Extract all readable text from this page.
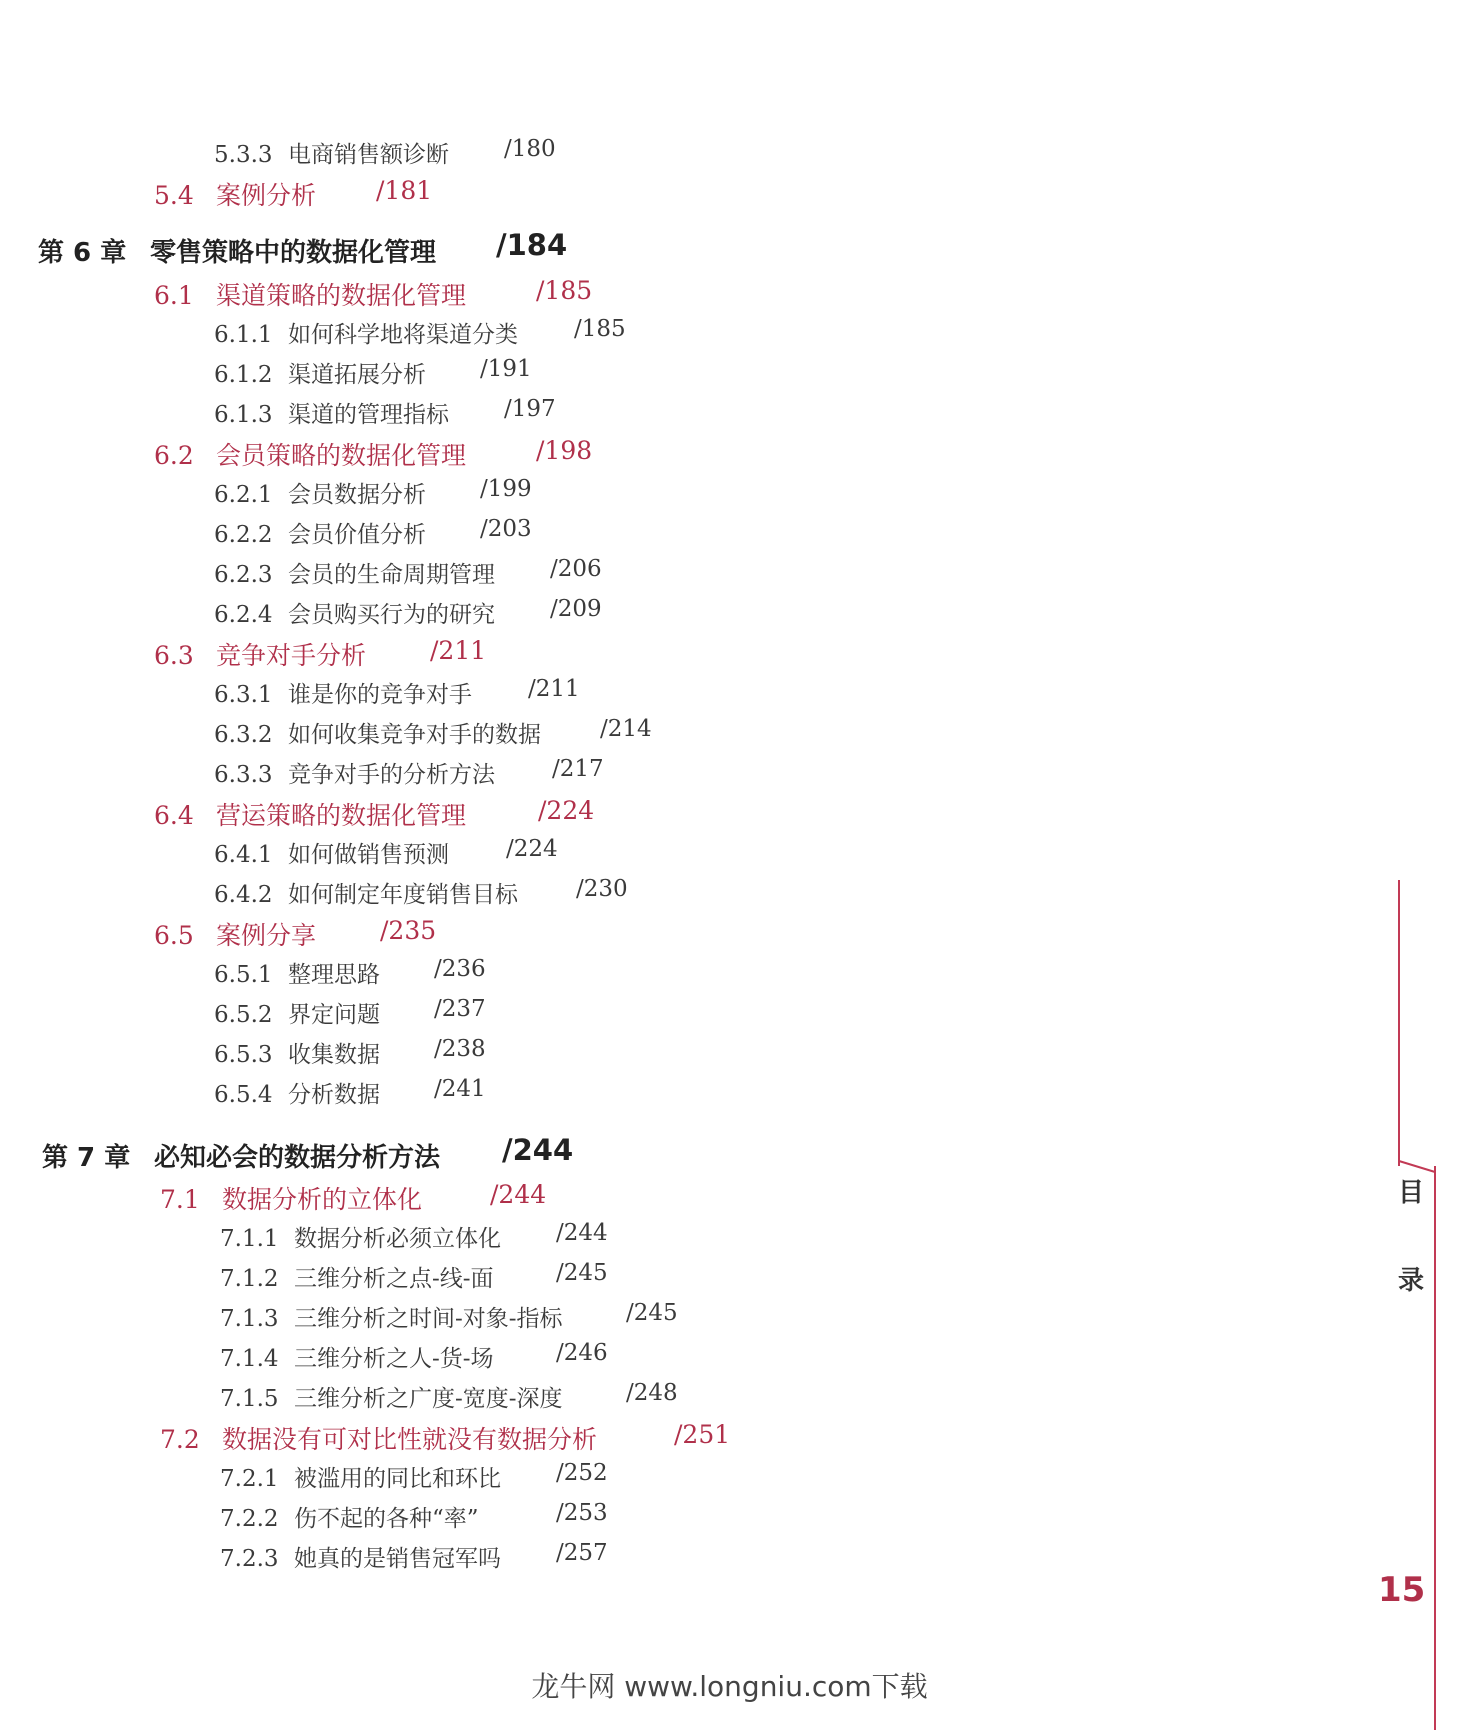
5.3.3 电商销售额诊断 /180
5.4 案例分析 /181
第 6 章 零售策略中的数据化管理 /184
6.1 渠道策略的数据化管理	/185
6.1.1 如何科学地将渠道分类 /185
6.1.2 渠道拓展分析 /191
6.1.3 渠道的管理指标 /197
6.2 会员策略的数据化管理	/198
6.2.1 会员数据分析 /199
6.2.2 会员价值分析 /203
6.2.3 会员的生命周期管理 /206
6.2.4 会员购买行为的研究 /209
6.3 竞争对手分析	/211
6.3.1 谁是你的竞争对手 /211
6.3.2 如何收集竞争对手的数据	/214
6.3.3 竞争对手的分析方法 /217
6.4 营运策略的数据化管理	/224
6.4.1 如何做销售预测 /224
6.4.2 如何制定年度销售目标	/230
6.5 案例分享	/235
6.5.1 整理思路 /236
6.5.2 界定问题 /237
6.5.3 收集数据 /238
6.5.4 分析数据 /241
第 7 章 必知必会的数据分析方法 /244
7.1 数据分析的立体化	/244
7.1.1 数据分析必须立体化 /244
7.1.2 三维分析之点-线-面	/245
7.1.3 三维分析之时间-对象-指标	/245
7.1.4 三维分析之人-货-场	/246
7.1.5 三维分析之广度-宽度-深度	/248
7.2 数据没有可对比性就没有数据分析	/251
7.2.1 被滥用的同比和环比 /252
7.2.2 伤不起的各种“率”	/253
7.2.3 她真的是销售冠军吗 /257
目
录
15
龙牛网 www.longniu.com下载
